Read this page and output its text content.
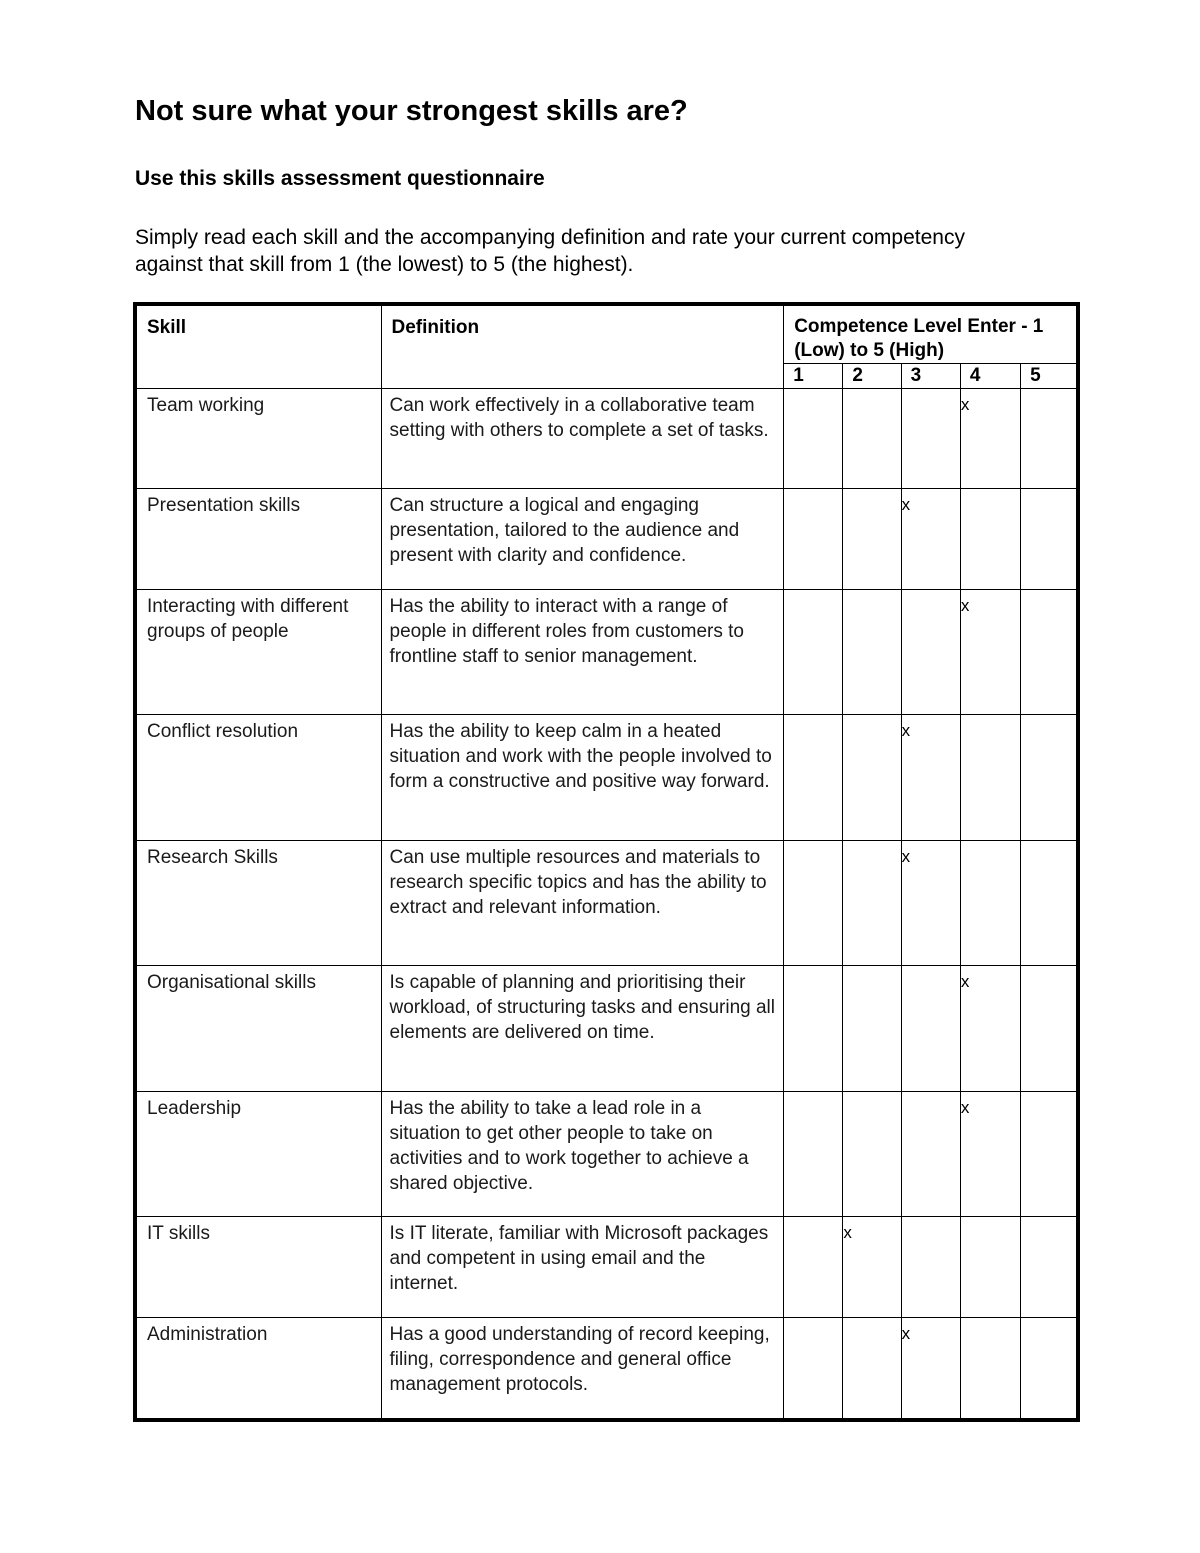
Not sure what your strongest skills are?
Use this skills assessment questionnaire
Simply read each skill and the accompanying definition and rate your current competency
against that skill from 1 (the lowest) to 5 (the highest).
Skill	Definition	Competence Level Enter - 1 (Low) to 5 (High)				
		1	2	3	4	5
Team working	Can work effectively in a collaborative team setting with others to complete a set of tasks.				x	
Presentation skills	Can structure a logical and engaging presentation, tailored to the audience and present with clarity and confidence.			x		
Interacting with different groups of people	Has the ability to interact with a range of people in different roles from customers to frontline staff to senior management.				x	
Conflict resolution	Has the ability to keep calm in a heated situation and work with the people involved to form a constructive and positive way forward.			x		
Research Skills	Can use multiple resources and materials to research specific topics and has the ability to extract and relevant information.			x		
Organisational skills	Is capable of planning and prioritising their workload, of structuring tasks and ensuring all elements are delivered on time.				x	
Leadership	Has the ability to take a lead role in a situation to get other people to take on activities and to work together to achieve a shared objective.				x	
IT skills	Is IT literate, familiar with Microsoft packages and competent in using email and the internet.		x			
Administration	Has a good understanding of record keeping, filing, correspondence and general office management protocols.			x		
